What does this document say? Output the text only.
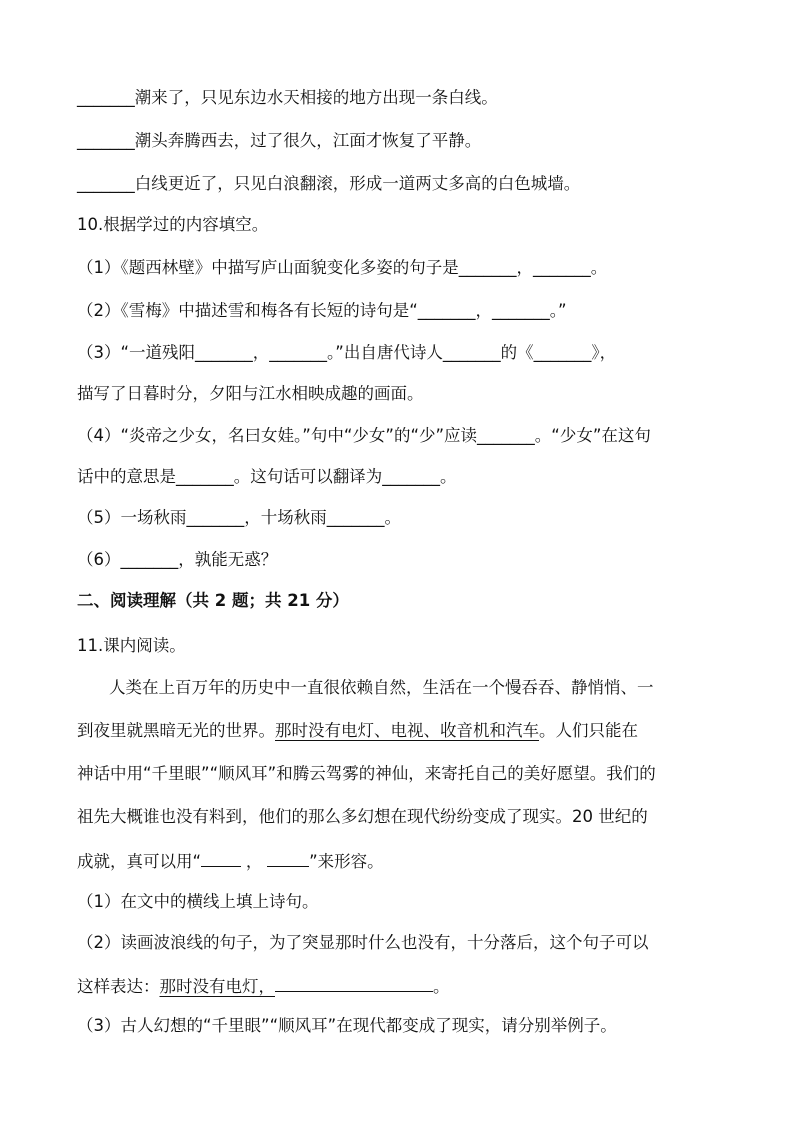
_______潮来了，只见东边水天相接的地方出现一条白线。
_______潮头奔腾西去，过了很久，江面才恢复了平静。
_______白线更近了，只见白浪翻滚，形成一道两丈多高的白色城墙。
10.根据学过的内容填空。
（1）《题西林壁》中描写庐山面貌变化多姿的句子是_______，_______。
（2）《雪梅》中描述雪和梅各有长短的诗句是“_______，_______。”
（3）“一道残阳_______，_______。”出自唐代诗人_______的《_______》，
描写了日暮时分，夕阳与江水相映成趣的画面。
（4）“炎帝之少女，名曰女娃。”句中“少女”的“少”应读_______。“少女”在这句
话中的意思是_______。这句话可以翻译为_______。
（5）一场秋雨_______，十场秋雨_______。
（6）_______，孰能无惑？
二、阅读理解（共 2 题；共 21 分）
11.课内阅读。
人类在上百万年的历史中一直很依赖自然，生活在一个慢吞吞、静悄悄、一
到夜里就黑暗无光的世界。那时没有电灯、电视、收音机和汽车。人们只能在
神话中用“千里眼”“顺风耳”和腾云驾雾的神仙，来寄托自己的美好愿望。我们的
祖先大概谁也没有料到，他们的那么多幻想在现代纷纷变成了现实。20 世纪的
成就，真可以用“	，	”来形容。
（1）在文中的横线上填上诗句。
（2）读画波浪线的句子，为了突显那时什么也没有，十分落后，这个句子可以
这样表达：那时没有电灯，	。
（3）古人幻想的“千里眼”“顺风耳”在现代都变成了现实，请分别举例子。
